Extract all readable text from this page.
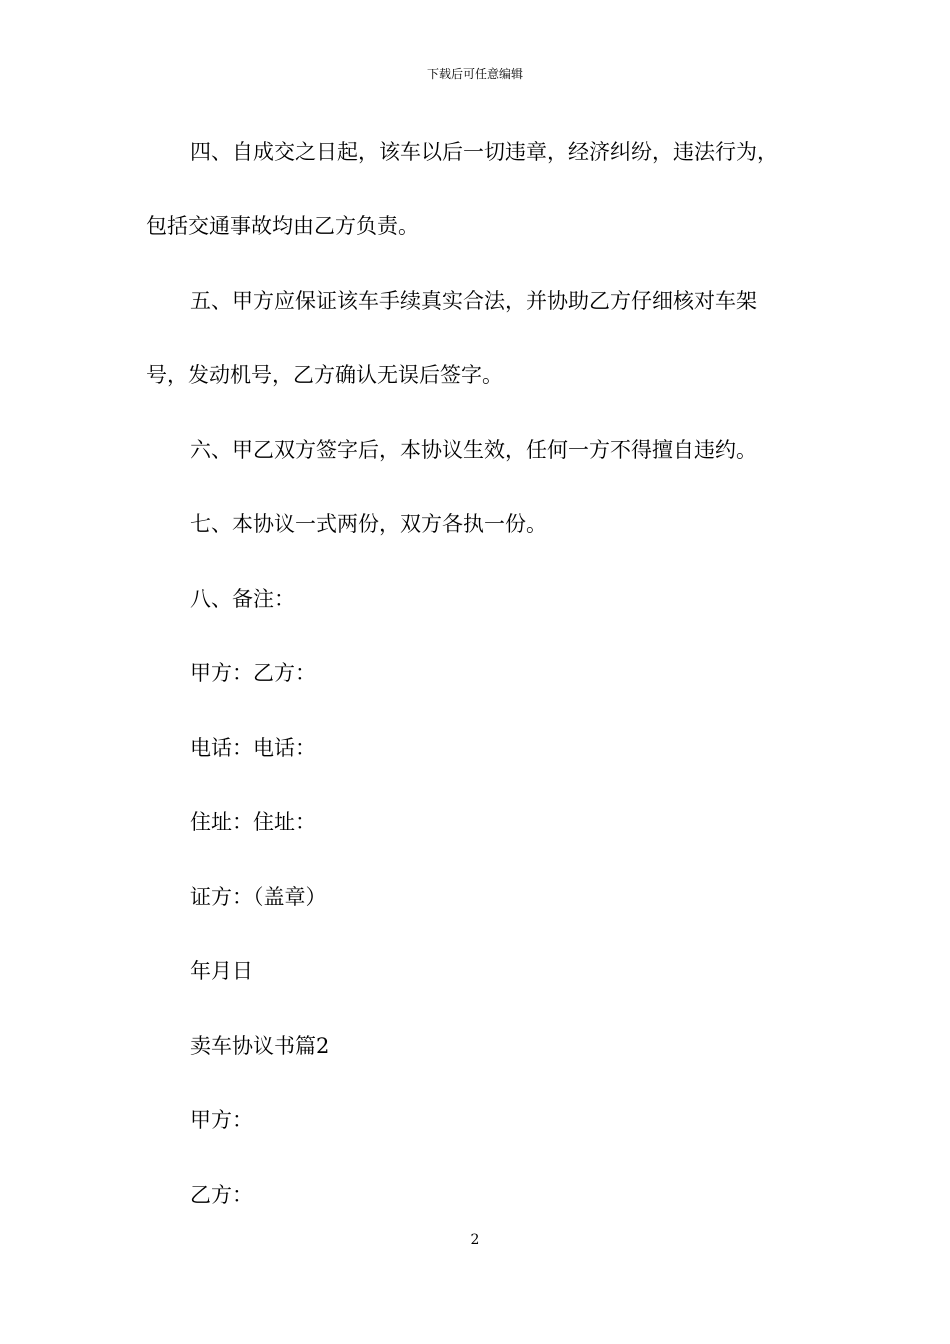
下载后可任意编辑
四、自成交之日起，该车以后一切违章，经济纠纷，违法行为，
包括交通事故均由乙方负责。
五、甲方应保证该车手续真实合法，并协助乙方仔细核对车架
号，发动机号，乙方确认无误后签字。
六、甲乙双方签字后，本协议生效，任何一方不得擅自违约。
七、本协议一式两份，双方各执一份。
八、备注：
甲方：乙方：
电话：电话：
住址：住址：
证方：（盖章）
年月日
卖车协议书篇2
甲方：
乙方：
2
